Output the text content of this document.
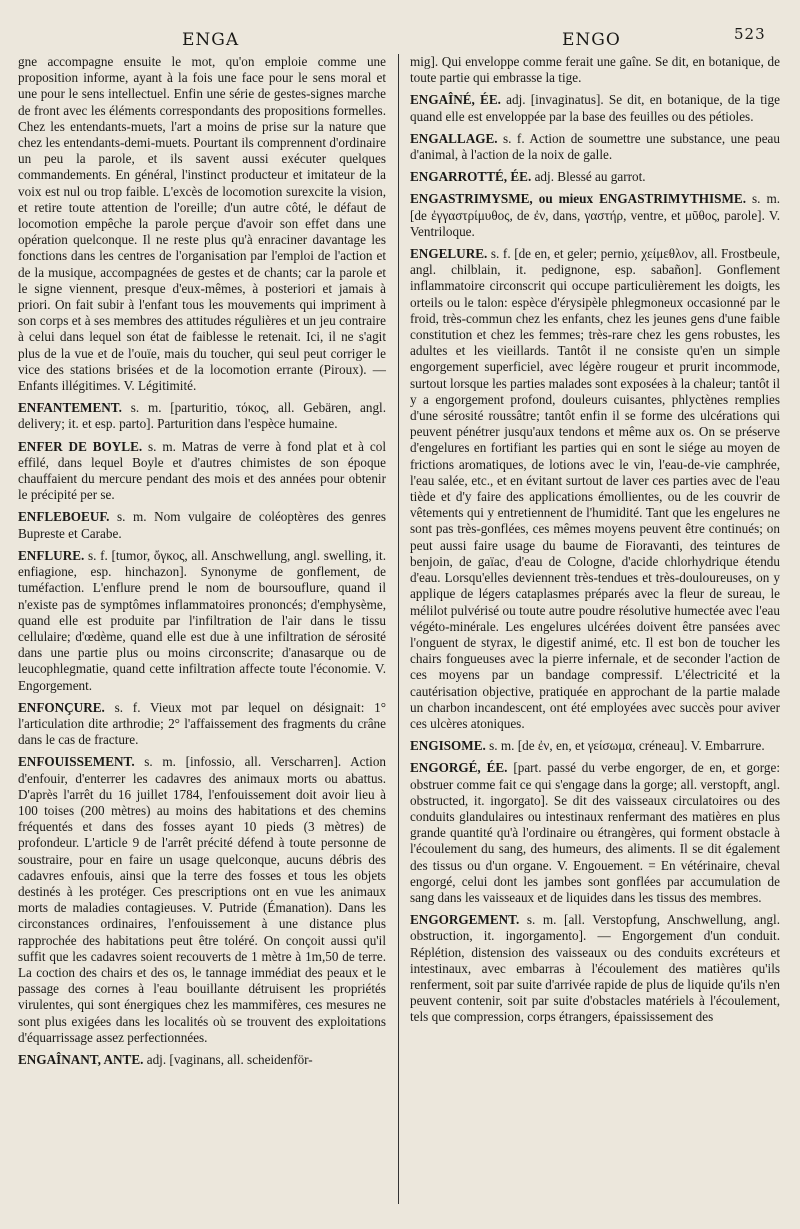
ENGA	ENGO	523

gne accompagne ensuite le mot, qu'on emploie comme une proposition informe, ayant à la fois une face pour le sens moral et une pour le sens intellectuel. Enfin une série de gestes-signes marche de front avec les éléments correspondants des propositions formelles. Chez les entendants-muets, l'art a moins de prise sur la nature que chez les entendants-demi-muets. Pourtant ils comprennent d'ordinaire un peu la parole, et ils savent aussi exécuter quelques commandements. En général, l'instinct producteur et imitateur de la voix est nul ou trop faible. L'excès de locomotion surexcite la vision, et retire toute attention de l'oreille; d'un autre côté, le défaut de locomotion empêche la parole perçue d'avoir son effet dans une opération quelconque. Il ne reste plus qu'à enraciner davantage les fonctions dans les centres de l'organisation par l'emploi de l'action et de la musique, accompagnées de gestes et de chants; car la parole et le signe viennent, presque d'eux-mêmes, à posteriori et jamais à priori. On fait subir à l'enfant tous les mouvements qui impriment à son corps et à ses membres des attitudes régulières et un jeu contraire à celui dans lequel son état de faiblesse le retenait. Ici, il ne s'agit plus de la vue et de l'ouïe, mais du toucher, qui seul peut corriger le vice des stations brisées et de la locomotion errante (Piroux). — Enfants illégitimes. V. Légitimité.

ENFANTEMENT. s. m. [parturitio, τόκος, all. Gebären, angl. delivery; it. et esp. parto]. Parturition dans l'espèce humaine.

ENFER DE BOYLE. s. m. Matras de verre à fond plat et à col effilé, dans lequel Boyle et d'autres chimistes de son époque chauffaient du mercure pendant des mois et des années pour obtenir le précipité per se.

ENFLEBOEUF. s. m. Nom vulgaire de coléoptères des genres Bupreste et Carabe.

ENFLURE. s. f. [tumor, ὄγκος, all. Anschwellung, angl. swelling, it. enfiagione, esp. hinchazon]. Synonyme de gonflement, de tuméfaction. L'enflure prend le nom de boursouflure, quand il n'existe pas de symptômes inflammatoires prononcés; d'emphysème, quand elle est produite par l'infiltration de l'air dans le tissu cellulaire; d'œdème, quand elle est due à une infiltration de sérosité dans une partie plus ou moins circonscrite; d'anasarque ou de leucophlegmatie, quand cette infiltration affecte toute l'économie. V. Engorgement.

ENFONÇURE. s. f. Vieux mot par lequel on désignait: 1° l'articulation dite arthrodie; 2° l'affaissement des fragments du crâne dans le cas de fracture.

ENFOUISSEMENT. s. m. [infossio, all. Verscharren]. Action d'enfouir, d'enterrer les cadavres des animaux morts ou abattus. D'après l'arrêt du 16 juillet 1784, l'enfouissement doit avoir lieu à 100 toises (200 mètres) au moins des habitations et des chemins fréquentés et dans des fosses ayant 10 pieds (3 mètres) de profondeur. L'article 9 de l'arrêt précité défend à toute personne de soustraire, pour en faire un usage quelconque, aucuns débris des cadavres enfouis, ainsi que la terre des fosses et tous les objets destinés à les protéger. Ces prescriptions ont en vue les animaux morts de maladies contagieuses. V. Putride (Émanation). Dans les circonstances ordinaires, l'enfouissement à une distance plus rapprochée des habitations peut être toléré. On conçoit aussi qu'il suffit que les cadavres soient recouverts de 1 mètre à 1m,50 de terre. La coction des chairs et des os, le tannage immédiat des peaux et le passage des cornes à l'eau bouillante détruisent les propriétés virulentes, qui sont énergiques chez les mammifères, ces mesures ne sont plus exigées dans les localités où se trouvent des exploitations d'équarrissage assez perfectionnées.

ENGAÎNANT, ANTE. adj. [vaginans, all. scheidenför-

mig]. Qui enveloppe comme ferait une gaîne. Se dit, en botanique, de toute partie qui embrasse la tige.

ENGAÎNÉ, ÉE. adj. [invaginatus]. Se dit, en botanique, de la tige quand elle est enveloppée par la base des feuilles ou des pétioles.

ENGALLAGE. s. f. Action de soumettre une substance, une peau d'animal, à l'action de la noix de galle.

ENGARROTTÉ, ÉE. adj. Blessé au garrot.

ENGASTRIMYSME, ou mieux ENGASTRIMYTHISME. s. m. [de ἐγγαστρίμυθος, de ἐν, dans, γαστήρ, ventre, et μῦθος, parole]. V. Ventriloque.

ENGELURE. s. f. [de en, et geler; pernio, χείμεθλον, all. Frostbeule, angl. chilblain, it. pedignone, esp. sabañon]. Gonflement inflammatoire circonscrit qui occupe particulièrement les doigts, les orteils ou le talon: espèce d'érysipèle phlegmoneux occasionné par le froid, très-commun chez les enfants, chez les jeunes gens d'une faible constitution et chez les femmes; très-rare chez les gens robustes, les adultes et les vieillards. Tantôt il ne consiste qu'en un simple engorgement superficiel, avec légère rougeur et prurit incommode, surtout lorsque les parties malades sont exposées à la chaleur; tantôt il y a engorgement profond, douleurs cuisantes, phlyctènes remplies d'une sérosité roussâtre; tantôt enfin il se forme des ulcérations qui peuvent pénétrer jusqu'aux tendons et même aux os. On se préserve d'engelures en fortifiant les parties qui en sont le siége au moyen de frictions aromatiques, de lotions avec le vin, l'eau-de-vie camphrée, l'eau salée, etc., et en évitant surtout de laver ces parties avec de l'eau tiède et d'y faire des applications émollientes, ou de les couvrir de vêtements qui y entretiennent de l'humidité. Tant que les engelures ne sont pas très-gonflées, ces mêmes moyens peuvent être continués; on peut aussi faire usage du baume de Fioravanti, des teintures de benjoin, de gaïac, d'eau de Cologne, d'acide chlorhydrique étendu d'eau. Lorsqu'elles deviennent très-tendues et très-douloureuses, on y applique de légers cataplasmes préparés avec la fleur de sureau, le mélilot pulvérisé ou toute autre poudre résolutive humectée avec l'eau végéto-minérale. Les engelures ulcérées doivent être pansées avec l'onguent de styrax, le digestif animé, etc. Il est bon de toucher les chairs fongueuses avec la pierre infernale, et de seconder l'action de ces moyens par un bandage compressif. L'électricité et la cautérisation objective, pratiquée en approchant de la partie malade un charbon incandescent, ont été employées avec succès pour aviver ces ulcères atoniques.

ENGISOME. s. m. [de ἐν, en, et γείσωμα, créneau]. V. Embarrure.

ENGORGÉ, ÉE. [part. passé du verbe engorger, de en, et gorge: obstruer comme fait ce qui s'engage dans la gorge; all. verstopft, angl. obstructed, it. ingorgato]. Se dit des vaisseaux circulatoires ou des conduits glandulaires ou intestinaux renfermant des matières en plus grande quantité qu'à l'ordinaire ou étrangères, qui forment obstacle à l'écoulement du sang, des humeurs, des aliments. Il se dit également des tissus ou d'un organe. V. Engouement. = En vétérinaire, cheval engorgé, celui dont les jambes sont gonflées par accumulation de sang dans les vaisseaux et de liquides dans les tissus des membres.

ENGORGEMENT. s. m. [all. Verstopfung, Anschwellung, angl. obstruction, it. ingorgamento]. — Engorgement d'un conduit. Réplétion, distension des vaisseaux ou des conduits excréteurs et intestinaux, avec embarras à l'écoulement des matières qu'ils renferment, soit par suite d'arrivée rapide de plus de liquide qu'ils n'en peuvent contenir, soit par suite d'obstacles matériels à l'écoulement, tels que compression, corps étrangers, épaississement des
